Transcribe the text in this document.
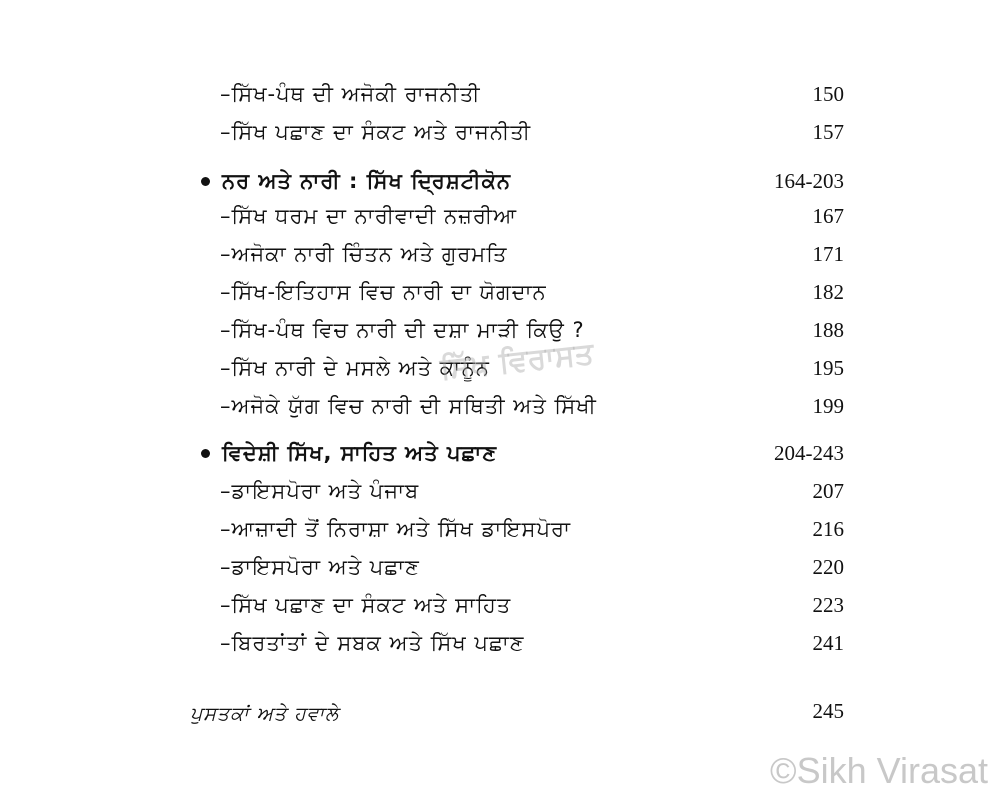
–ਸਿੱਖ-ਪੰਥ ਦੀ ਅਜੋਕੀ ਰਾਜਨੀਤੀ	150
–ਸਿੱਖ ਪਛਾਣ ਦਾ ਸੰਕਟ ਅਤੇ ਰਾਜਨੀਤੀ	157
ਨਰ ਅਤੇ ਨਾਰੀ : ਸਿੱਖ ਦ੍ਰਿਸ਼ਟੀਕੋਨ	164-203
–ਸਿੱਖ ਧਰਮ ਦਾ ਨਾਰੀਵਾਦੀ ਨਜ਼ਰੀਆ	167
–ਅਜੋਕਾ ਨਾਰੀ ਚਿੰਤਨ ਅਤੇ ਗੁਰਮਤਿ	171
–ਸਿੱਖ-ਇਤਿਹਾਸ ਵਿਚ ਨਾਰੀ ਦਾ ਯੋਗਦਾਨ	182
–ਸਿੱਖ-ਪੰਥ ਵਿਚ ਨਾਰੀ ਦੀ ਦਸ਼ਾ ਮਾੜੀ ਕਿਉ ?	188
–ਸਿੱਖ ਨਾਰੀ ਦੇ ਮਸਲੇ ਅਤੇ ਕਾਨੂੰਨ	195
–ਅਜੋਕੇ ਯੁੱਗ ਵਿਚ ਨਾਰੀ ਦੀ ਸਥਿਤੀ ਅਤੇ ਸਿੱਖੀ	199
ਵਿਦੇਸ਼ੀ ਸਿੱਖ, ਸਾਹਿਤ ਅਤੇ ਪਛਾਣ	204-243
–ਡਾਇਸਪੋਰਾ ਅਤੇ ਪੰਜਾਬ	207
–ਆਜ਼ਾਦੀ ਤੋਂ ਨਿਰਾਸ਼ਾ ਅਤੇ ਸਿੱਖ ਡਾਇਸਪੋਰਾ	216
–ਡਾਇਸਪੋਰਾ ਅਤੇ ਪਛਾਣ	220
–ਸਿੱਖ ਪਛਾਣ ਦਾ ਸੰਕਟ ਅਤੇ ਸਾਹਿਤ	223
–ਬਿਰਤਾਂਤਾਂ ਦੇ ਸਬਕ ਅਤੇ ਸਿੱਖ ਪਛਾਣ	241
ਪੁਸਤਕਾਂ ਅਤੇ ਹਵਾਲੇ	245
ਸਿੱਖ ਵਿਰਾਸਤ
©Sikh Virasat
